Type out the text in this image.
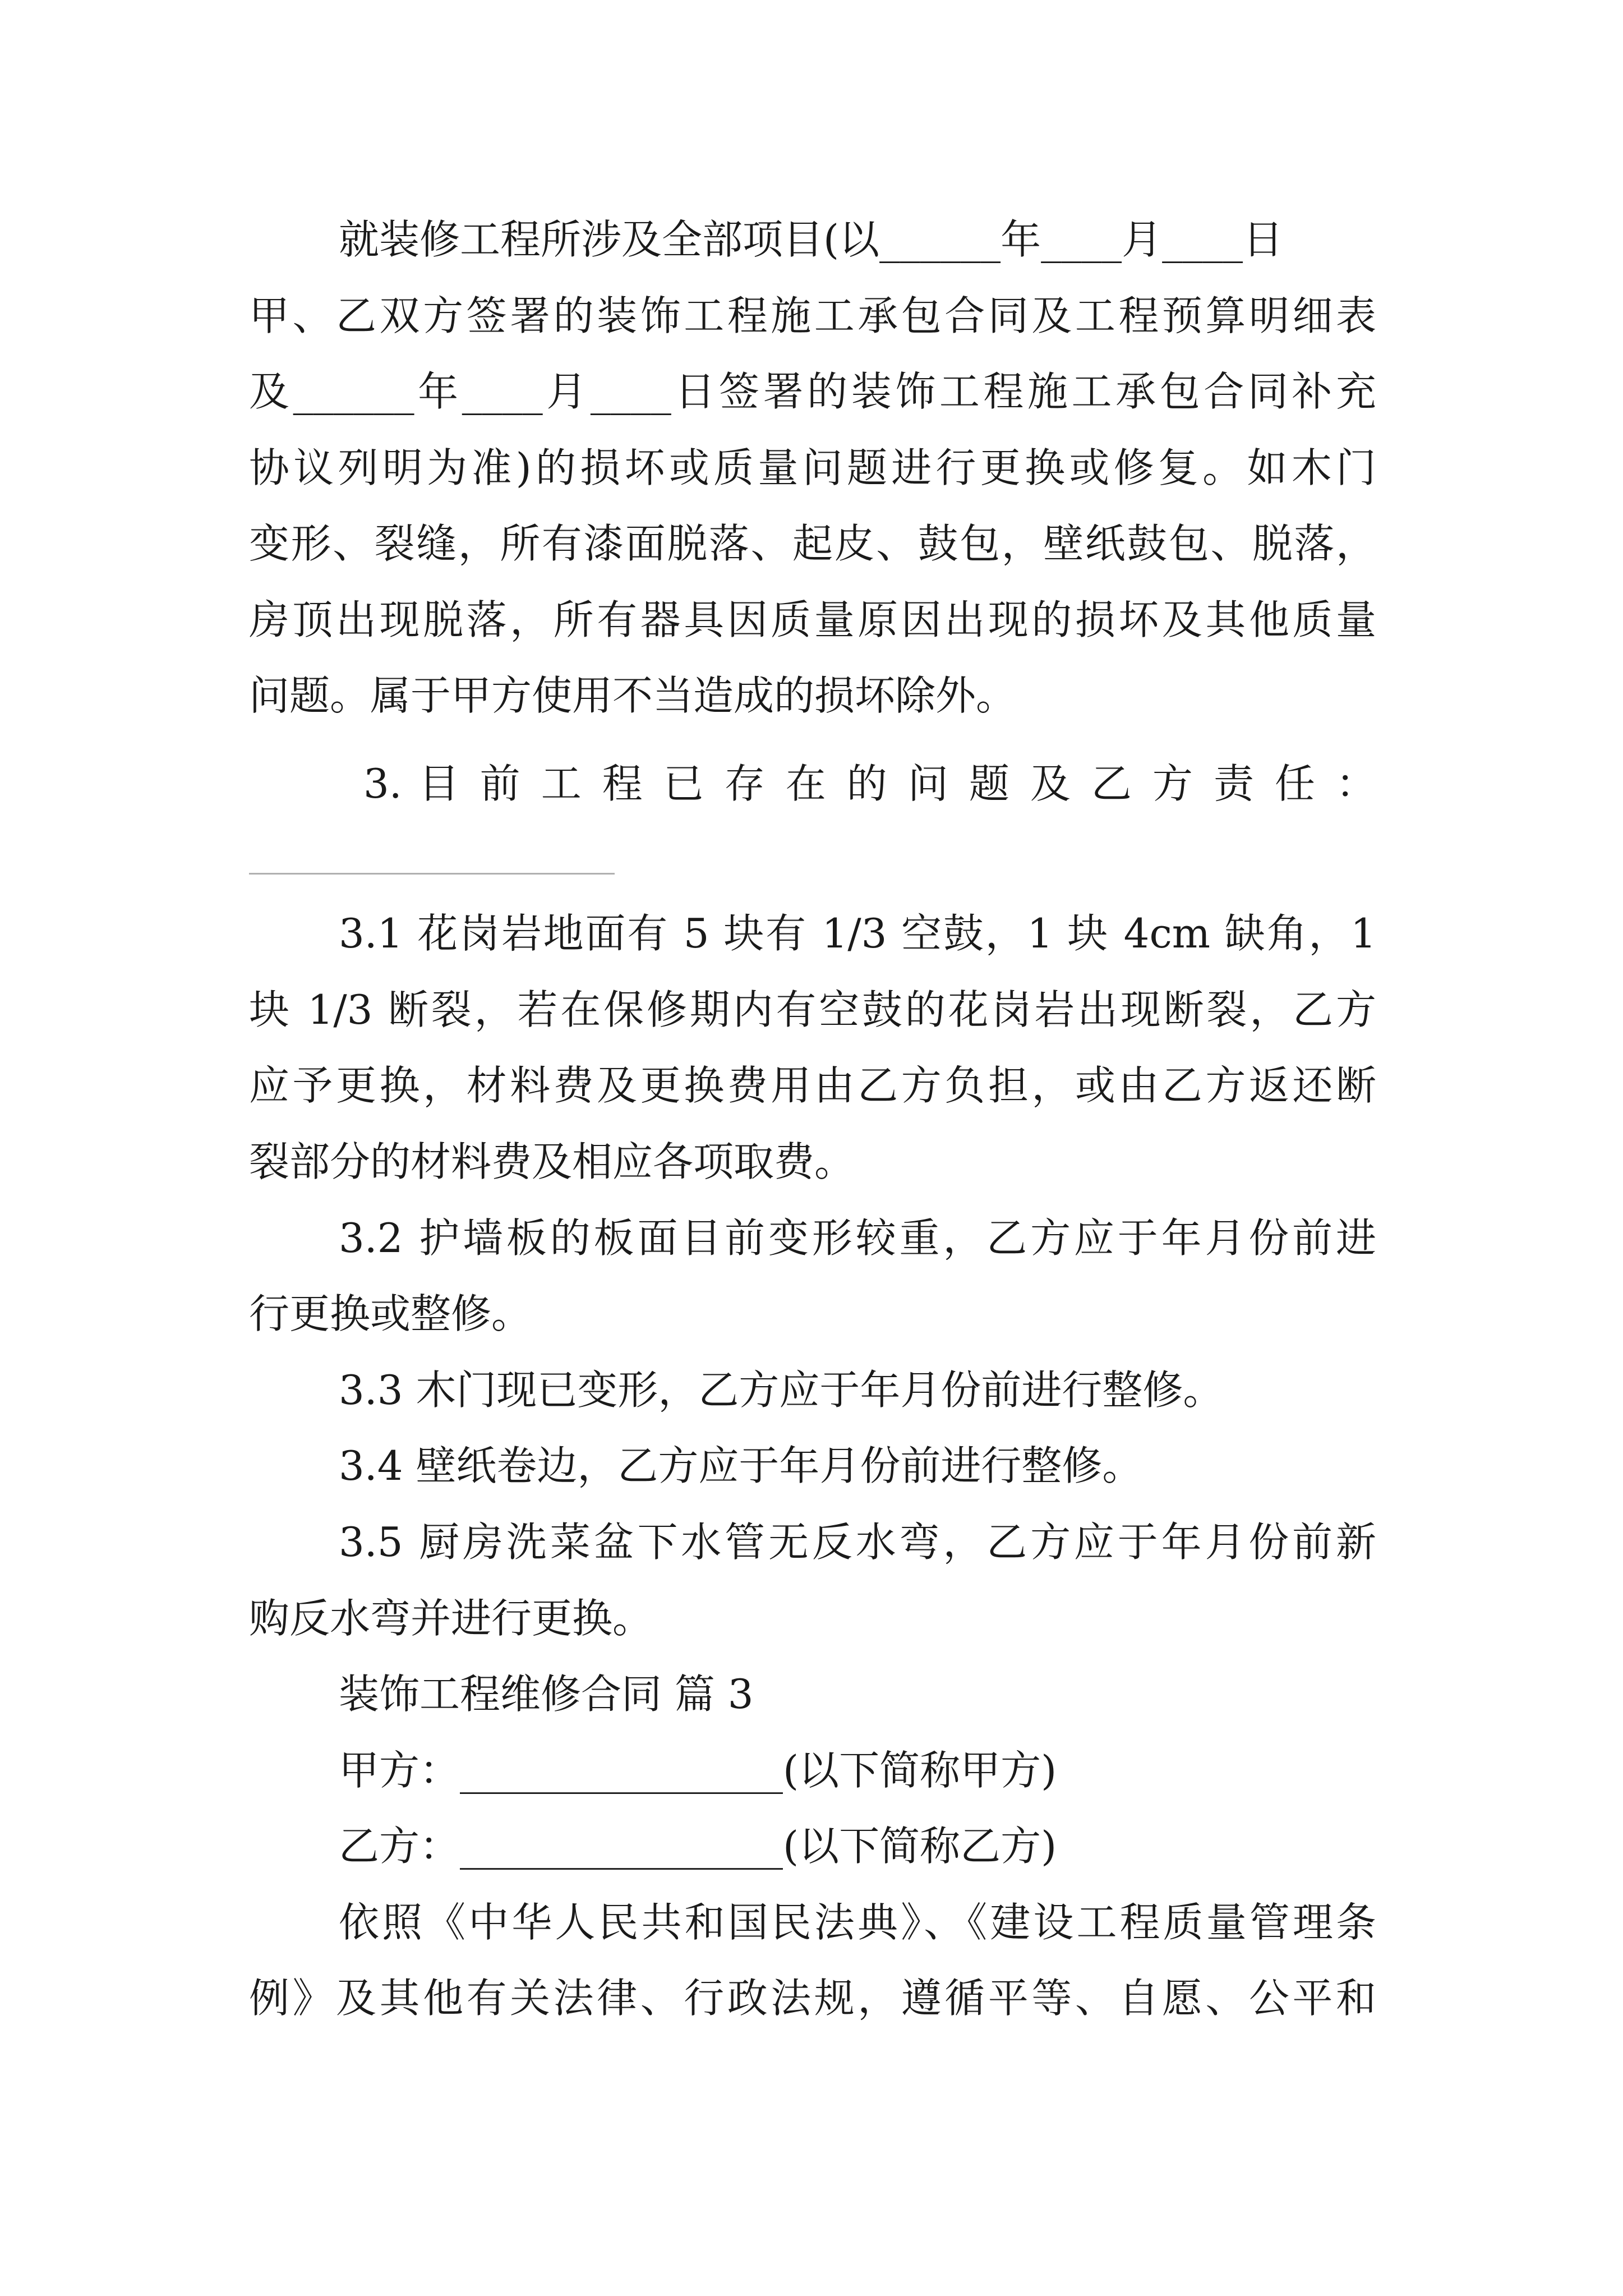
就装修工程所涉及全部项目(以______年____月____日
甲、乙双方签署的装饰工程施工承包合同及工程预算明细表
及______年____月____日签署的装饰工程施工承包合同补充
协议列明为准)的损坏或质量问题进行更换或修复。如木门
变形、裂缝，所有漆面脱落、起皮、鼓包，壁纸鼓包、脱落，
房顶出现脱落，所有器具因质量原因出现的损坏及其他质量
问题。属于甲方使用不当造成的损坏除外。
3. 目 前 工 程 已 存 在 的 问 题 及 乙 方 责 任 ：
3.1 花岗岩地面有 5 块有 1/3 空鼓，1 块 4cm 缺角，1
块 1/3 断裂，若在保修期内有空鼓的花岗岩出现断裂，乙方
应予更换，材料费及更换费用由乙方负担，或由乙方返还断
裂部分的材料费及相应各项取费。
3.2 护墙板的板面目前变形较重，乙方应于年月份前进
行更换或整修。
3.3 木门现已变形，乙方应于年月份前进行整修。
3.4 壁纸卷边，乙方应于年月份前进行整修。
3.5 厨房洗菜盆下水管无反水弯，乙方应于年月份前新
购反水弯并进行更换。
装饰工程维修合同 篇 3
甲方：________________(以下简称甲方)
乙方：________________(以下简称乙方)
依照《中华人民共和国民法典》、《建设工程质量管理条
例》及其他有关法律、行政法规，遵循平等、自愿、公平和
